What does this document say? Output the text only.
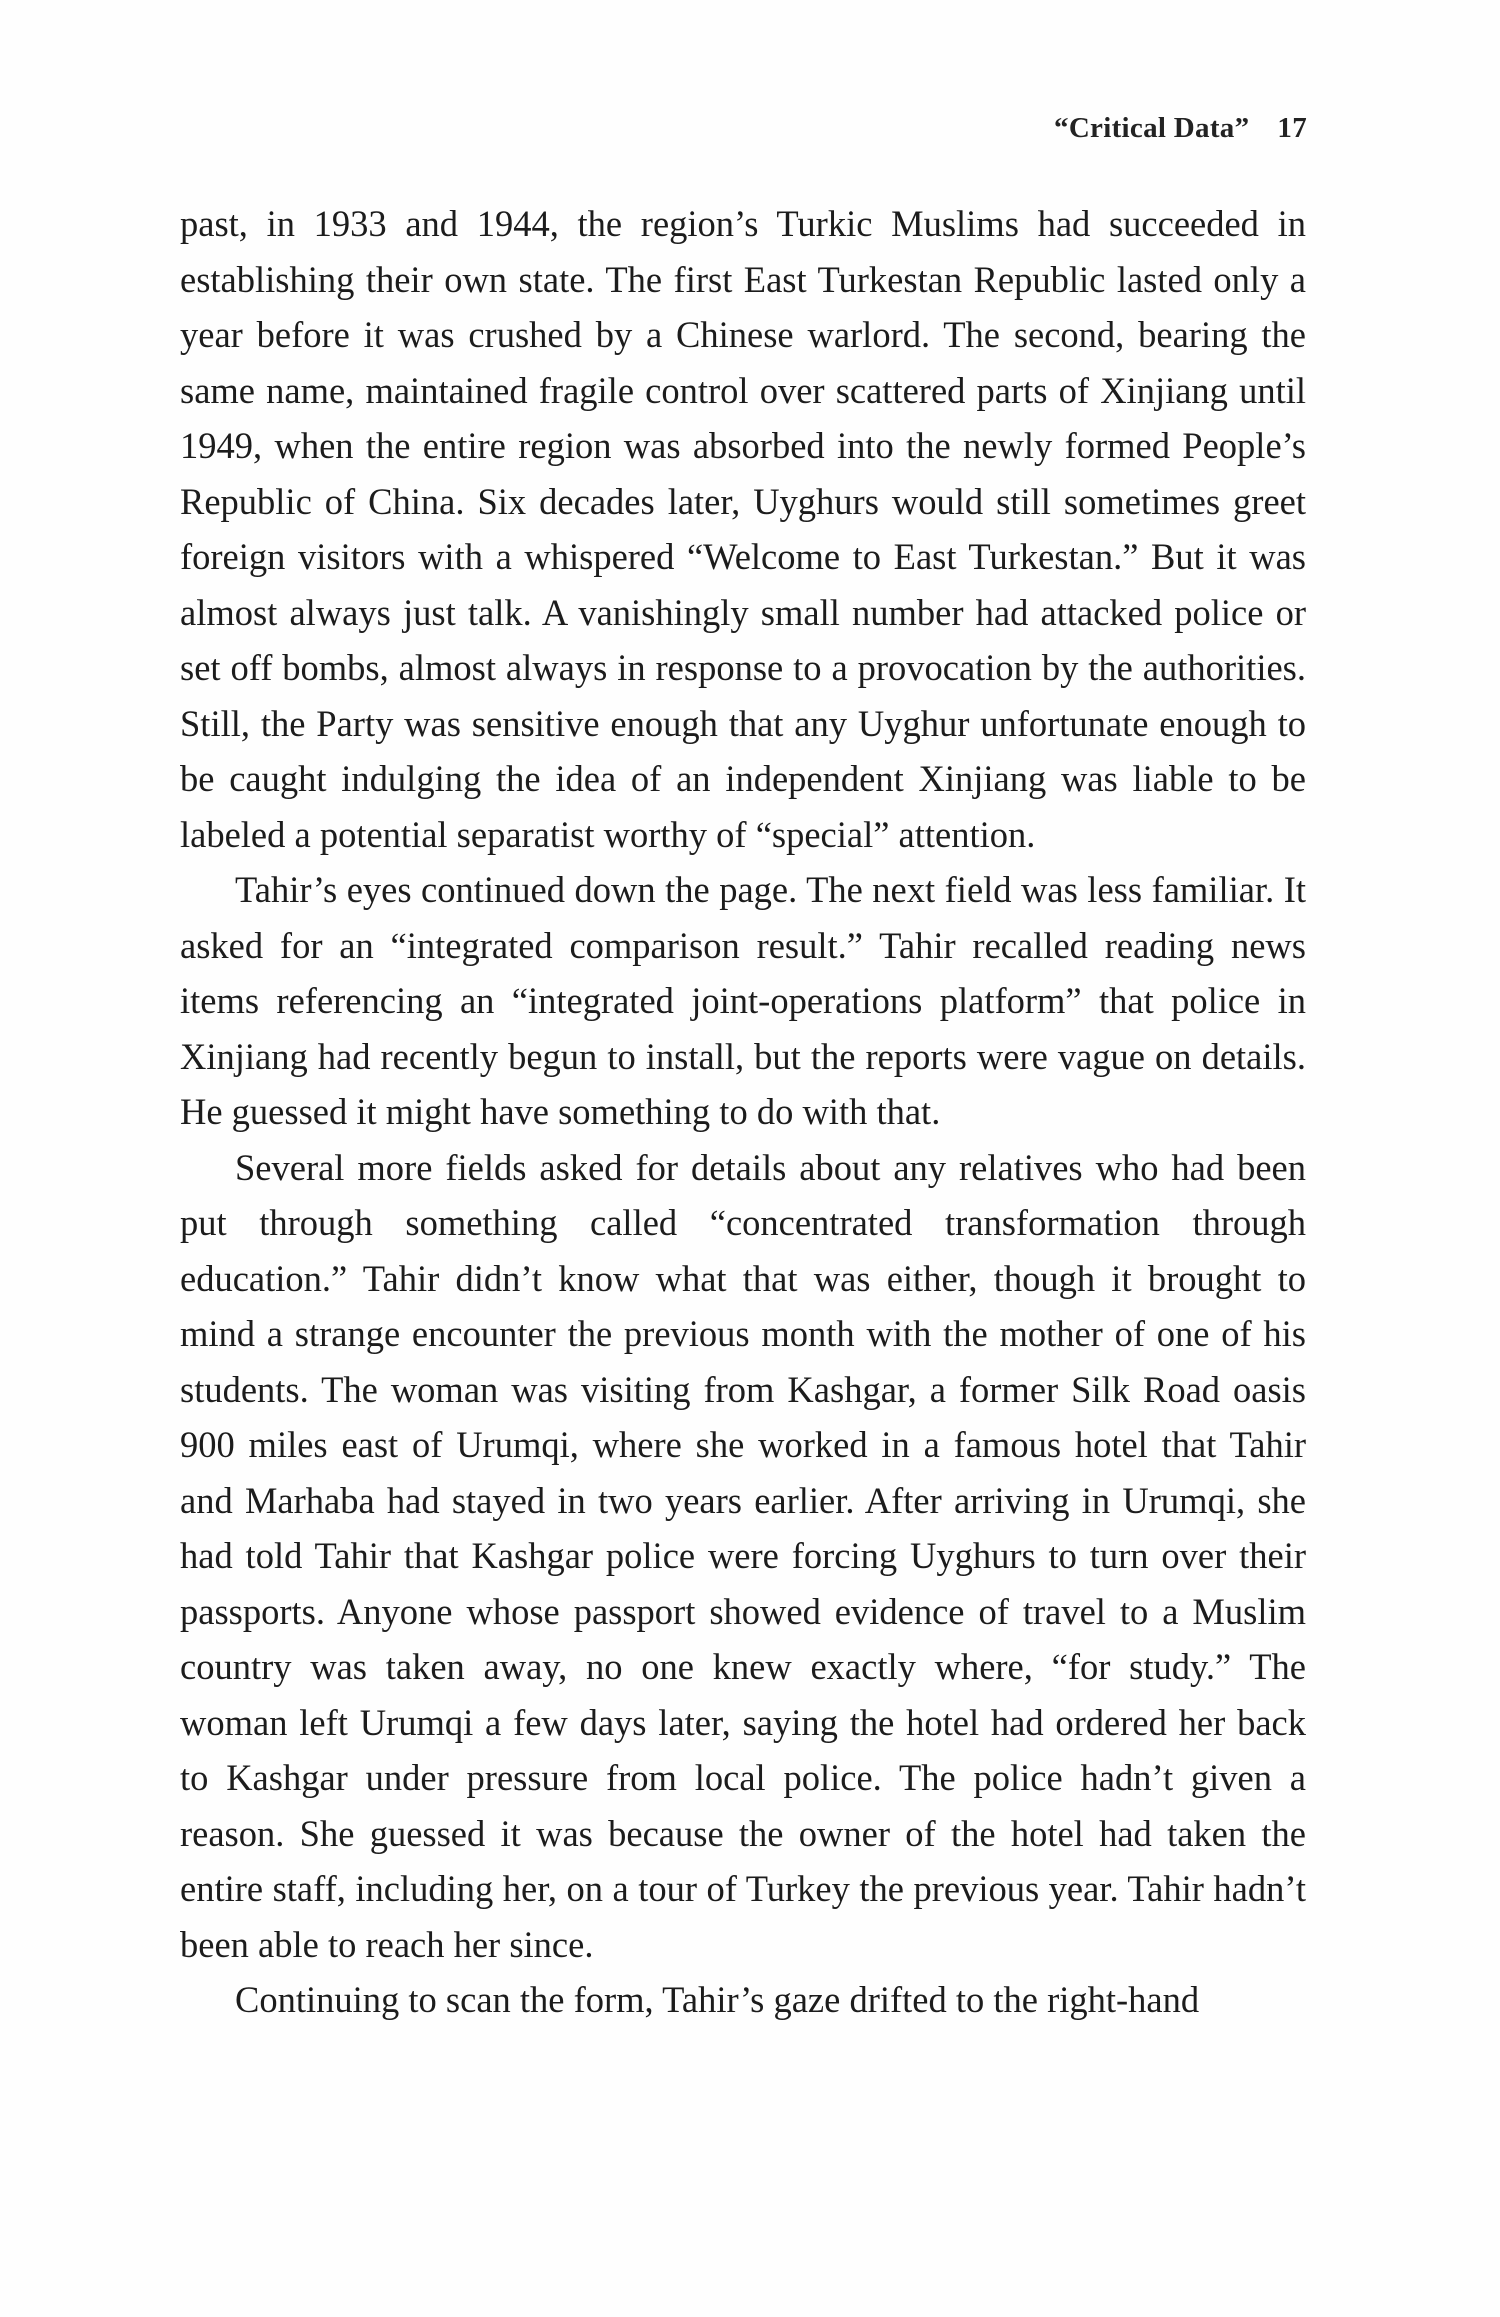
“Critical Data” 17

past, in 1933 and 1944, the region’s Turkic Muslims had succeeded in establishing their own state. The first East Turkestan Republic lasted only a year before it was crushed by a Chinese warlord. The second, bearing the same name, maintained fragile control over scattered parts of Xinjiang until 1949, when the entire region was absorbed into the newly formed People’s Republic of China. Six decades later, Uyghurs would still sometimes greet foreign visitors with a whispered “Welcome to East Turkestan.” But it was almost always just talk. A vanishingly small number had attacked police or set off bombs, almost always in response to a provocation by the authorities. Still, the Party was sensitive enough that any Uyghur unfortunate enough to be caught indulging the idea of an independent Xinjiang was liable to be labeled a potential separatist worthy of “special” attention.

Tahir’s eyes continued down the page. The next field was less familiar. It asked for an “integrated comparison result.” Tahir recalled reading news items referencing an “integrated joint-operations platform” that police in Xinjiang had recently begun to install, but the reports were vague on details. He guessed it might have something to do with that.

Several more fields asked for details about any relatives who had been put through something called “concentrated transformation through education.” Tahir didn’t know what that was either, though it brought to mind a strange encounter the previous month with the mother of one of his students. The woman was visiting from Kashgar, a former Silk Road oasis 900 miles east of Urumqi, where she worked in a famous hotel that Tahir and Marhaba had stayed in two years earlier. After arriving in Urumqi, she had told Tahir that Kashgar police were forcing Uyghurs to turn over their passports. Anyone whose passport showed evidence of travel to a Muslim country was taken away, no one knew exactly where, “for study.” The woman left Urumqi a few days later, saying the hotel had ordered her back to Kashgar under pressure from local police. The police hadn’t given a reason. She guessed it was because the owner of the hotel had taken the entire staff, including her, on a tour of Turkey the previous year. Tahir hadn’t been able to reach her since.

Continuing to scan the form, Tahir’s gaze drifted to the right-hand
